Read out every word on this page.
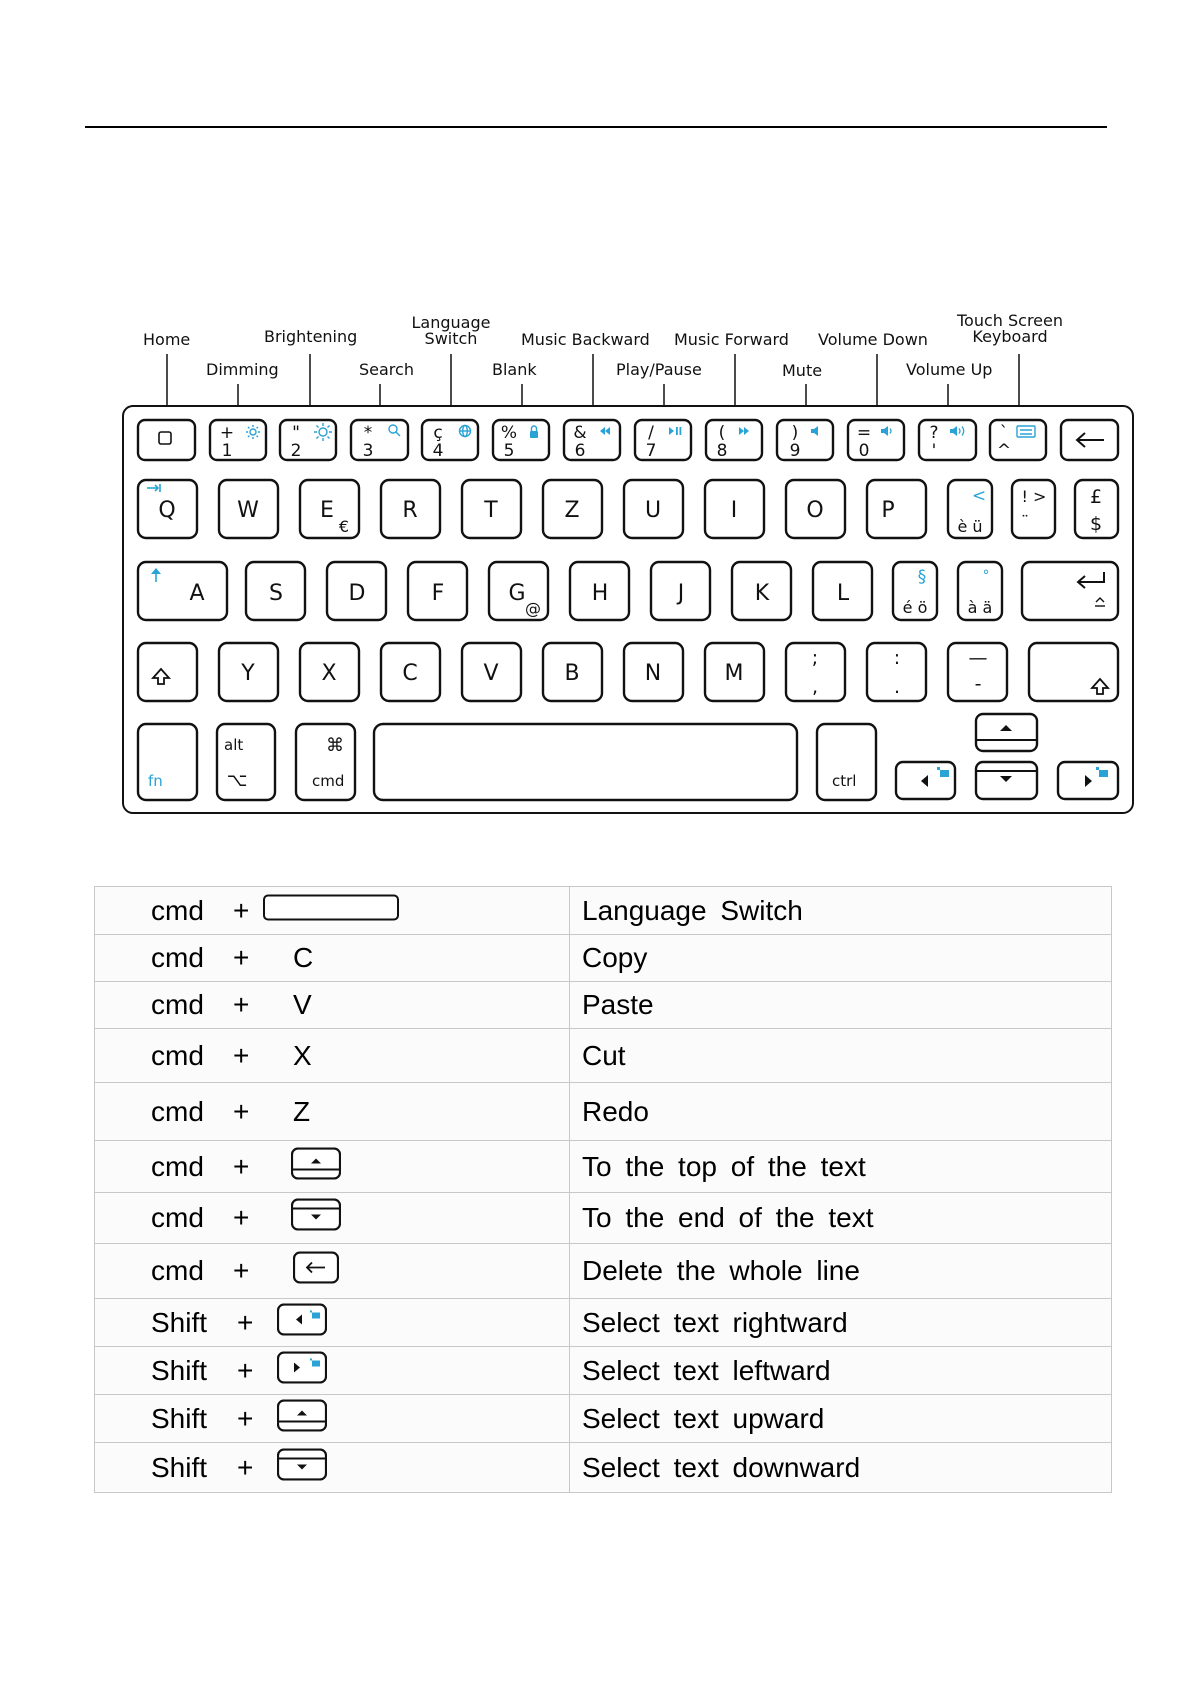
Home
Dimming
Brightening
Search
Language
Switch
Blank
Music Backward
Play/Pause
Music Forward
Mute
Volume Down
Volume Up
Touch Screen
Keyboard
+
1
"
2
*
3
ç
4
%
5
&
6
/
7
(
8
)
9
=
0
?
'
`
^
Q	W	E	R	T	Z	U	I	O	P
€	è ü
! >
¨
£
$
<
A	S	D	F	G	H	J	K	L
@	é ö	à ä
§	°
Y	X	C	V	B	N	M
;
,
:
.
—
-
fn
alt
cmd	ctrl
⌥
⌘
cmd +	Language Switch

cmd + C	Copy

cmd + V	Paste

cmd + X	Cut

cmd + Z	Redo

cmd +	To the top of the text

cmd +	To the end of the text

cmd +	Delete the whole line

Shift +	Select text rightward

Shift +	Select text leftward

Shift +	Select text upward

Shift +	Select text downward
